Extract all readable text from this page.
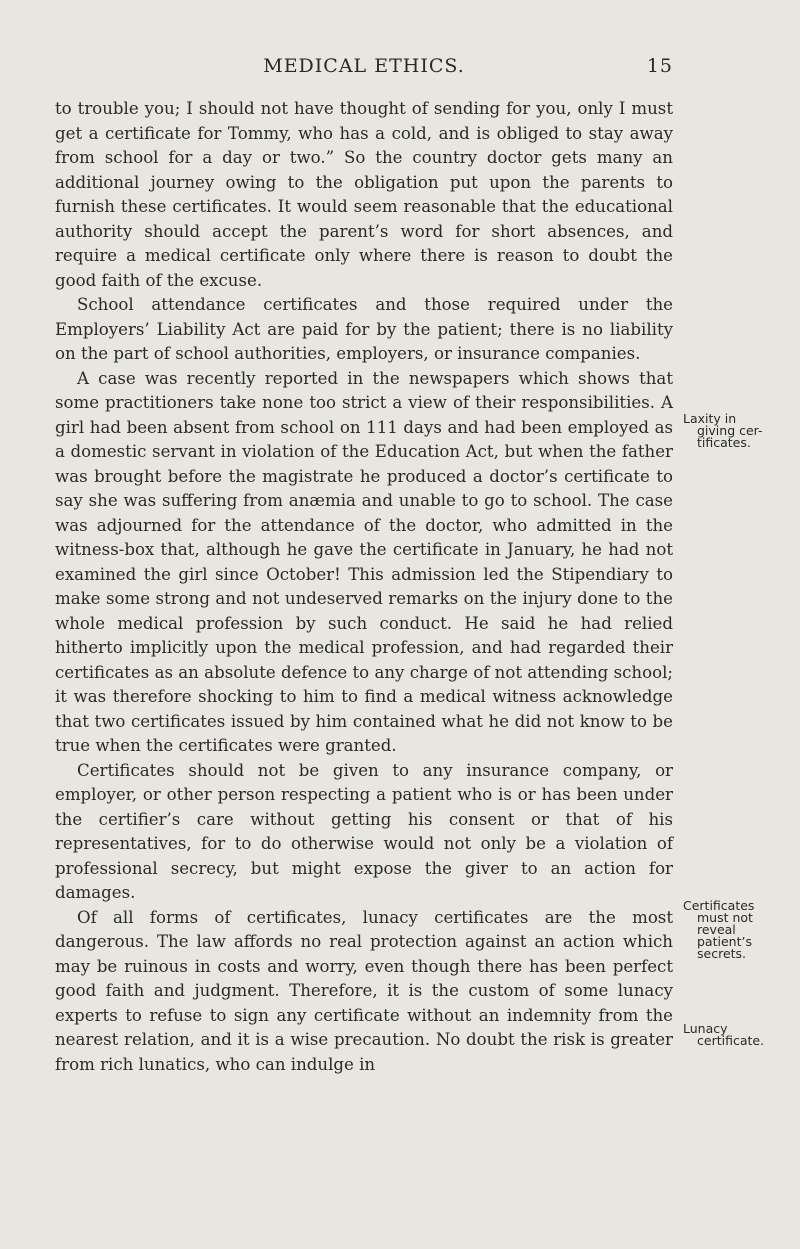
MEDICAL ETHICS.	15

to trouble you; I should not have thought of sending for you, only I must get a certificate for Tommy, who has a cold, and is obliged to stay away from school for a day or two.” So the country doctor gets many an additional journey owing to the obligation put upon the parents to furnish these certificates. It would seem reasonable that the educational authority should accept the parent’s word for short absences, and require a medical certificate only where there is reason to doubt the good faith of the excuse.

School attendance certificates and those required under the Employers’ Liability Act are paid for by the patient; there is no liability on the part of school authorities, employers, or insurance companies.

A case was recently reported in the newspapers which shows that some practitioners take none too strict a view of their responsibilities. A girl had been absent from school on 111 days and had been employed as a domestic servant in violation of the Education Act, but when the father was brought before the magistrate he produced a doctor’s certificate to say she was suffering from anæmia and unable to go to school. The case was adjourned for the attendance of the doctor, who admitted in the witness-box that, although he gave the certificate in January, he had not examined the girl since October! This admission led the Stipendiary to make some strong and not undeserved remarks on the injury done to the whole medical profession by such conduct. He said he had relied hitherto implicitly upon the medical profession, and had regarded their certificates as an absolute defence to any charge of not attending school; it was therefore shocking to him to find a medical witness acknowledge that two certificates issued by him contained what he did not know to be true when the certificates were granted.

Certificates should not be given to any insurance company, or employer, or other person respecting a patient who is or has been under the certifier’s care without getting his consent or that of his representatives, for to do otherwise would not only be a violation of professional secrecy, but might expose the giver to an action for damages.

Of all forms of certificates, lunacy certificates are the most dangerous. The law affords no real protection against an action which may be ruinous in costs and worry, even though there has been perfect good faith and judgment. Therefore, it is the custom of some lunacy experts to refuse to sign any certificate without an indemnity from the nearest relation, and it is a wise precaution. No doubt the risk is greater from rich lunatics, who can indulge in

Laxity in

giving cer-
tificates.
Certificates

must not
reveal
patient’s
secrets.
Lunacy

certificate.
